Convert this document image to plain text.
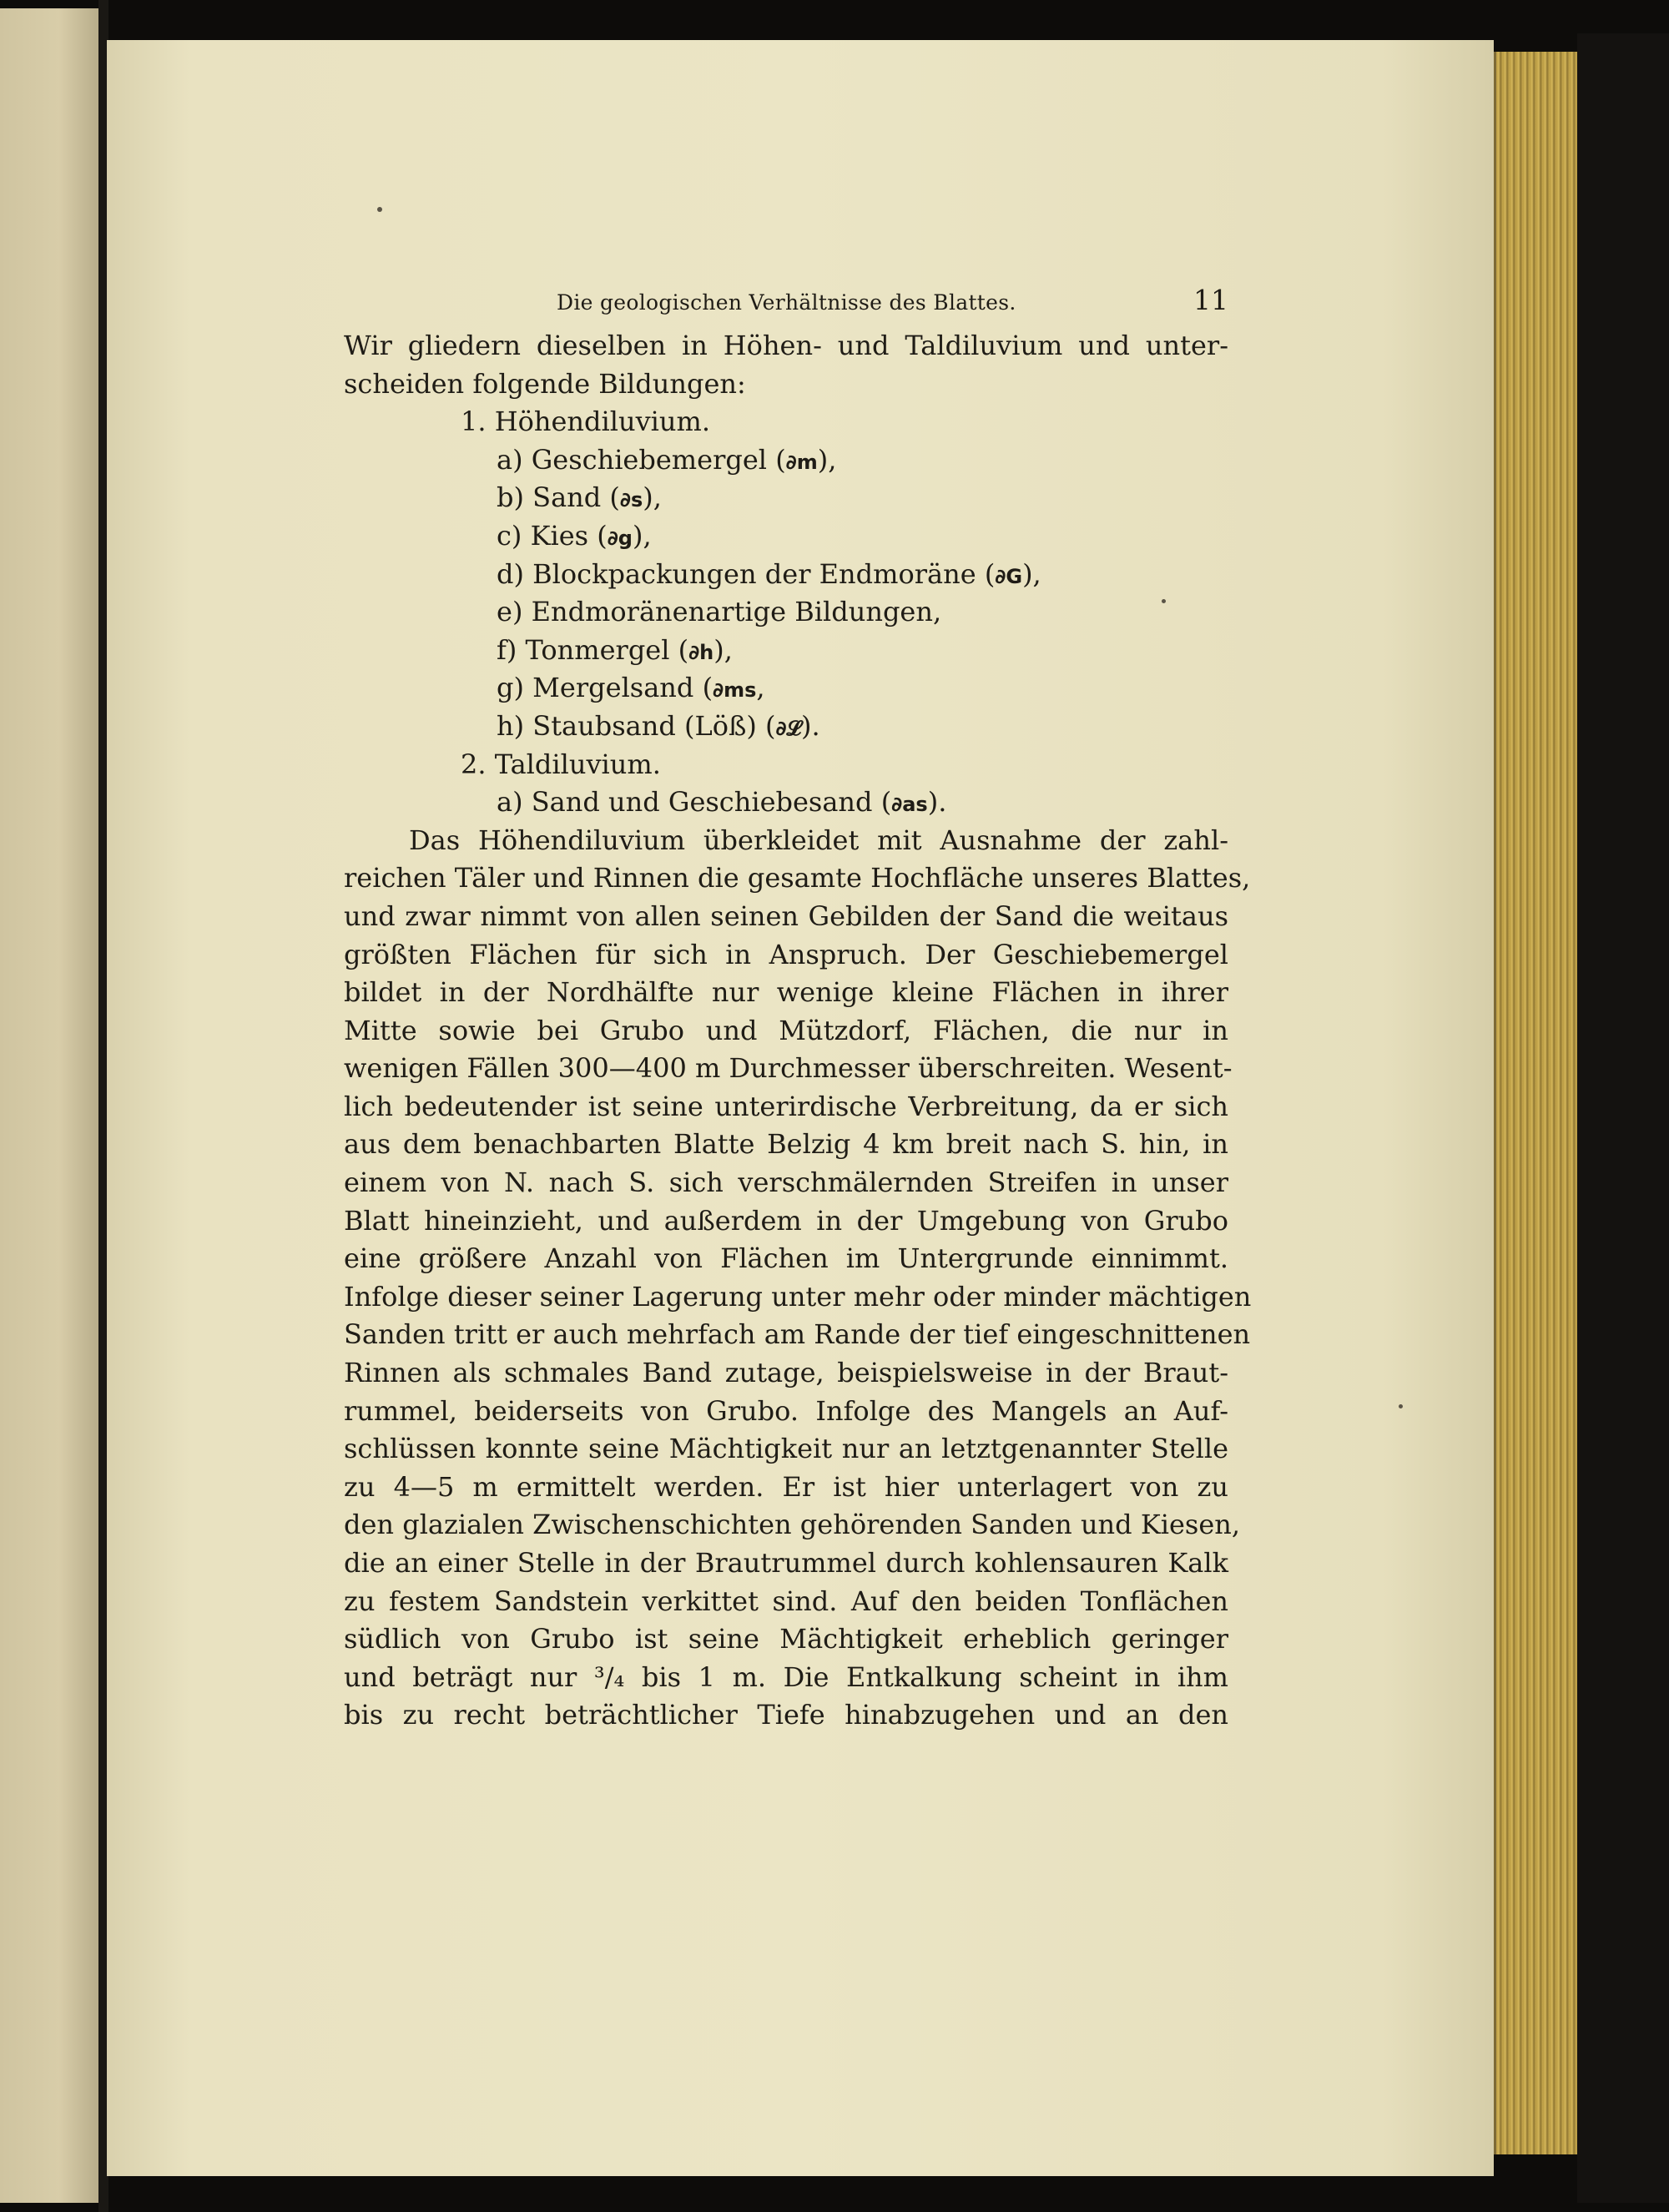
Die geologischen Verhältnisse des Blattes.	11
Wir gliedern dieselben in Höhen- und Taldiluvium und unter-
scheiden folgende Bildungen:
1. Höhendiluvium.
a) Geschiebemergel (∂m),
b) Sand (∂s),
c) Kies (∂g),
d) Blockpackungen der Endmoräne (∂G),
e) Endmoränenartige Bildungen,
f) Tonmergel (∂h),
g) Mergelsand (∂ms,
h) Staubsand (Löß) (∂𝓛).
2. Taldiluvium.
a) Sand und Geschiebesand (∂as).
Das Höhendiluvium überkleidet mit Ausnahme der zahl-
reichen Täler und Rinnen die gesamte Hochfläche unseres Blattes,
und zwar nimmt von allen seinen Gebilden der Sand die weitaus
größten Flächen für sich in Anspruch. Der Geschiebemergel
bildet in der Nordhälfte nur wenige kleine Flächen in ihrer
Mitte sowie bei Grubo und Mützdorf, Flächen, die nur in
wenigen Fällen 300—400 m Durchmesser überschreiten. Wesent-
lich bedeutender ist seine unterirdische Verbreitung, da er sich
aus dem benachbarten Blatte Belzig 4 km breit nach S. hin, in
einem von N. nach S. sich verschmälernden Streifen in unser
Blatt hineinzieht, und außerdem in der Umgebung von Grubo
eine größere Anzahl von Flächen im Untergrunde einnimmt.
Infolge dieser seiner Lagerung unter mehr oder minder mächtigen
Sanden tritt er auch mehrfach am Rande der tief eingeschnittenen
Rinnen als schmales Band zutage, beispielsweise in der Braut-
rummel, beiderseits von Grubo. Infolge des Mangels an Auf-
schlüssen konnte seine Mächtigkeit nur an letztgenannter Stelle
zu 4—5 m ermittelt werden. Er ist hier unterlagert von zu
den glazialen Zwischenschichten gehörenden Sanden und Kiesen,
die an einer Stelle in der Brautrummel durch kohlensauren Kalk
zu festem Sandstein verkittet sind. Auf den beiden Tonflächen
südlich von Grubo ist seine Mächtigkeit erheblich geringer
und beträgt nur ³/₄ bis 1 m. Die Entkalkung scheint in ihm
bis zu recht beträchtlicher Tiefe hinabzugehen und an den
